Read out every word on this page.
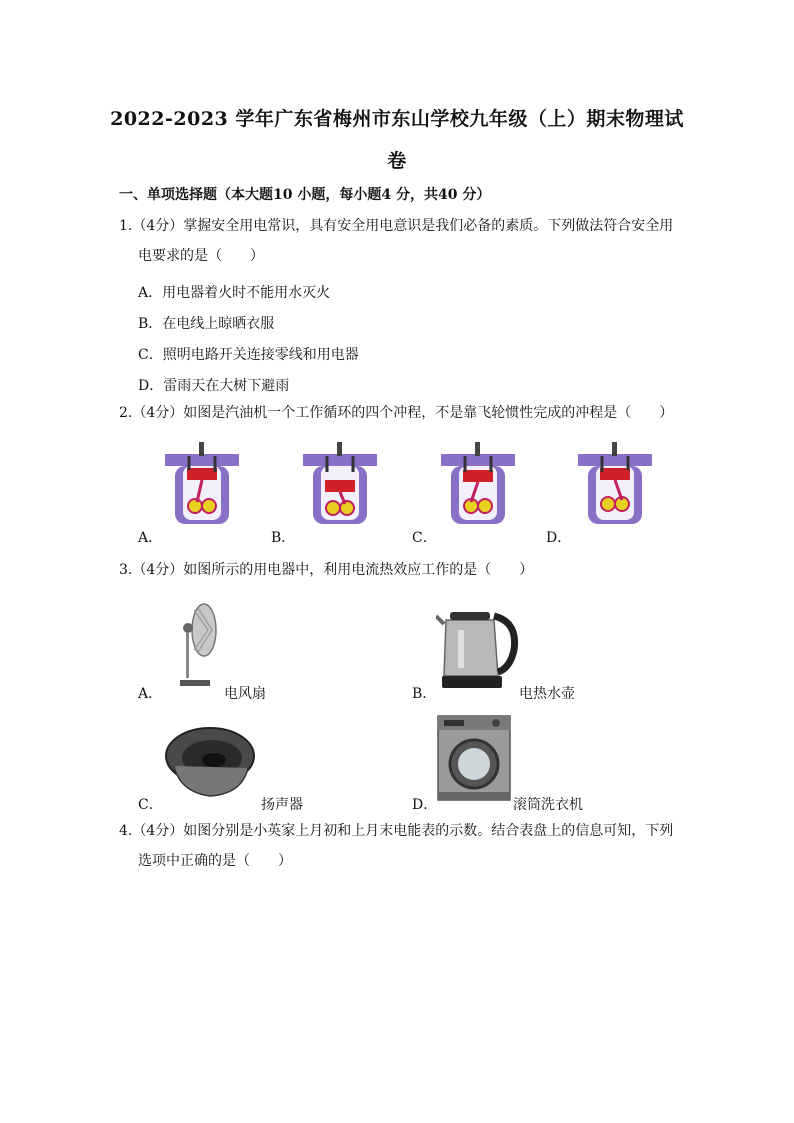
2022-2023 学年广东省梅州市东山学校九年级（上）期末物理试
卷
一、单项选择题（本大题10 小题，每小题4 分，共40 分）
1.（4分）掌握安全用电常识，具有安全用电意识是我们必备的素质。下列做法符合安全用
电要求的是（　　）
A．用电器着火时不能用水灭火
B．在电线上晾晒衣服
C．照明电路开关连接零线和用电器
D．雷雨天在大树下避雨
2.（4分）如图是汽油机一个工作循环的四个冲程，不是靠飞轮惯性完成的冲程是（　　）
A．	B．	C．	D．
3.（4分）如图所示的用电器中，利用电流热效应工作的是（　　）
A．	电风扇	B．	电热水壶
C．	扬声器	D．	滚筒洗衣机
4.（4分）如图分别是小英家上月初和上月末电能表的示数。结合表盘上的信息可知，下列
选项中正确的是（　　）
